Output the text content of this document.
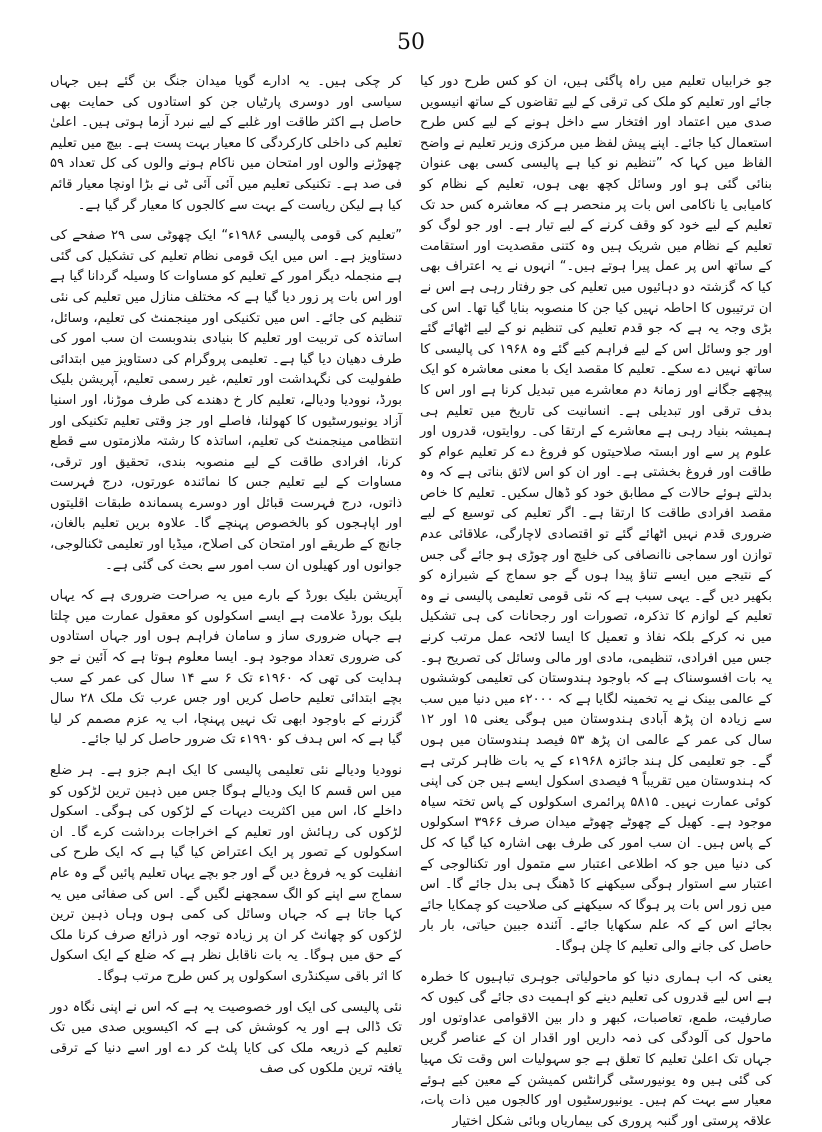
50

جو خرابیاں تعلیم میں راہ پاگئی ہیں، ان کو کس طرح دور کیا جائے اور تعلیم کو ملک کی ترقی کے لیے تقاضوں کے ساتھ انیسویں صدی میں اعتماد اور افتخار سے داخل ہونے کے لیے کس طرح استعمال کیا جائے۔ اپنے پیش لفظ میں مرکزی وزیر تعلیم نے واضح الفاظ میں کہا کہ ”تنظیم نو کیا ہے پالیسی کسی بھی عنوان بنائی گئی ہو اور وسائل کچھ بھی ہوں، تعلیم کے نظام کو کامیابی یا ناکامی اس بات پر منحصر ہے کہ معاشرہ کس حد تک تعلیم کے لیے خود کو وقف کرنے کے لیے تیار ہے۔ اور جو لوگ کو تعلیم کے نظام میں شریک ہیں وہ کتنی مقصدیت اور استقامت کے ساتھ اس پر عمل پیرا ہوتے ہیں۔“ انہوں نے یہ اعتراف بھی کیا کہ گزشتہ دو دہائیوں میں تعلیم کی جو رفتار رہی ہے اس نے ان ترتیبوں کا احاطہ نہیں کیا جن کا منصوبہ بنایا گیا تھا۔ اس کی بڑی وجہ یہ ہے کہ جو قدم تعلیم کی تنظیم نو کے لیے اٹھائے گئے اور جو وسائل اس کے لیے فراہم کیے گئے وہ ۱۹۶۸ کی پالیسی کا ساتھ نہیں دے سکے۔ تعلیم کا مقصد ایک با معنی معاشرہ کو ایک پیچھے جگانے اور زمانۂ دم معاشرے میں تبدیل کرنا ہے اور اس کا بدف ترقی اور تبدیلی ہے۔ انسانیت کی تاریخ میں تعلیم ہی ہمیشہ بنیاد رہی ہے معاشرے کے ارتقا کی۔ روایتوں، قدروں اور علوم پر سے اور ابستہ صلاحیتوں کو فروغ دے کر تعلیم عوام کو طاقت اور فروغ بخشتی ہے۔ اور ان کو اس لائق بناتی ہے کہ وہ بدلتے ہوئے حالات کے مطابق خود کو ڈھال سکیں۔ تعلیم کا خاص مقصد افرادی طاقت کا ارتقا ہے۔ اگر تعلیم کی توسیع کے لیے ضروری قدم نہیں اٹھائے گئے تو اقتصادی لاچارگی، علاقائی عدم توازن اور سماجی ناانصافی کی خلیج اور چوڑی ہو جائے گی جس کے نتیجے میں ایسے تناؤ پیدا ہوں گے جو سماج کے شیرازہ کو بکھیر دیں گے۔ یہی سبب ہے کہ نئی قومی تعلیمی پالیسی نے وہ تعلیم کے لوازم کا تذکرہ، تصورات اور رجحانات کی ہی تشکیل میں نہ کرکے بلکہ نفاذ و تعمیل کا ایسا لائحہ عمل مرتب کرنے جس میں افرادی، تنظیمی، مادی اور مالی وسائل کی تصریح ہو۔ یہ بات افسوسناک ہے کہ باوجود ہندوستان کی تعلیمی کوششوں کے عالمی بینک نے یہ تخمینہ لگایا ہے کہ ۲۰۰۰ء میں دنیا میں سب سے زیادہ ان پڑھ آبادی ہندوستان میں ہوگی یعنی ۱۵ اور ۱۲ سال کی عمر کے عالمی ان پڑھ ۵۳ فیصد ہندوستان میں ہوں گے۔ جو تعلیمی کل ہند جائزہ ۱۹۶۸ء کے یہ بات ظاہر کرتی ہے کہ ہندوستان میں تقریباً ۹ فیصدی اسکول ایسے ہیں جن کی اپنی کوئی عمارت نہیں۔ ۵۸۱۵ پرائمری اسکولوں کے پاس تختہ سیاہ موجود ہے۔ کھیل کے چھوٹے چھوٹے میدان صرف ۳۹۶۶ اسکولوں کے پاس ہیں۔ ان سب امور کی طرف بھی اشارہ کیا گیا کہ کل کی دنیا میں جو کہ اطلاعی اعتبار سے متمول اور تکنالوجی کے اعتبار سے استوار ہوگی سیکھنے کا ڈھنگ ہی بدل جائے گا۔ اس میں زور اس بات پر ہوگا کہ سیکھنے کی صلاحیت کو چمکایا جائے بجائے اس کے کہ علم سکھایا جائے۔ آئندہ جبین حیاتی، بار بار حاصل کی جانے والی تعلیم کا چلن ہوگا۔

یعنی کہ اب ہماری دنیا کو ماحولیاتی جوہری تباہیوں کا خطرہ ہے اس لیے قدروں کی تعلیم دینے کو اہمیت دی جائے گی کیوں کہ صارفیت، طمع، تعاصبات، کبھر و دار بین الاقوامی عداوتوں اور ماحول کی آلودگی کی ذمہ داریں اور اقدار ان کے عناصر گریں جہاں تک اعلیٰ تعلیم کا تعلق ہے جو سہولیات اس وقت تک مہیا کی گئی ہیں وہ یونیورسٹی گرانٹس کمیشن کے معین کیے ہوئے معیار سے بہت کم ہیں۔ یونیورسٹیوں اور کالجوں میں ذات پات، علاقہ پرستی اور گنبہ پروری کی بیماریاں وبائی شکل اختیار

کر چکی ہیں۔ یہ ادارے گویا میدان جنگ بن گئے ہیں جہاں سیاسی اور دوسری پارٹیاں جن کو استادوں کی حمایت بھی حاصل ہے اکثر طاقت اور غلبے کے لیے نبرد آزما ہوتی ہیں۔ اعلیٰ تعلیم کی داخلی کارکردگی کا معیار بہت پست ہے۔ بیچ میں تعلیم چھوڑنے والوں اور امتحان میں ناکام ہونے والوں کی کل تعداد ۵۹ فی صد ہے۔ تکنیکی تعلیم میں آئی آئی ٹی نے بڑا اونچا معیار قائم کیا ہے لیکن ریاست کے بہت سے کالجوں کا معیار گر گیا ہے۔

”تعلیم کی قومی پالیسی ۱۹۸۶ء“ ایک چھوٹی سی ۲۹ صفحے کی دستاویز ہے۔ اس میں ایک قومی نظام تعلیم کی تشکیل کی گئی ہے منجملہ دیگر امور کے تعلیم کو مساوات کا وسیلہ گردانا گیا ہے اور اس بات پر زور دیا گیا ہے کہ مختلف منازل میں تعلیم کی نئی تنظیم کی جائے۔ اس میں تکنیکی اور مینجمنٹ کی تعلیم، وسائل، اساتذہ کی تربیت اور تعلیم کا بنیادی بندوبست ان سب امور کی طرف دھیان دیا گیا ہے۔ تعلیمی پروگرام کی دستاویز میں ابتدائی طفولیت کی نگہداشت اور تعلیم، غیر رسمی تعلیم، آپریشن بلیک بورڈ، نوودیا ودیالے، تعلیم کار خ دھندے کی طرف موڑنا، اور اسنیا آزاد یونیورسٹیوں کا کھولنا، فاصلے اور جز وقتی تعلیم تکنیکی اور انتظامی مینجمنٹ کی تعلیم، اساتذہ کا رشتہ ملازمتوں سے قطع کرنا، افرادی طاقت کے لیے منصوبہ بندی، تحقیق اور ترقی، مساوات کے لیے تعلیم جس کا نمائندہ عورتوں، درج فہرست ذاتوں، درج فہرست قبائل اور دوسرے پسماندہ طبقات اقلیتوں اور اپاہجوں کو بالخصوص پہنچے گا۔ علاوہ بریں تعلیم بالغان، جانچ کے طریقے اور امتحان کی اصلاح، میڈیا اور تعلیمی ٹکنالوجی، جوانوں اور کھیلوں ان سب امور سے بحث کی گئی ہے۔

آپریشن بلیک بورڈ کے بارے میں یہ صراحت ضروری ہے کہ یہاں بلیک بورڈ علامت ہے ایسے اسکولوں کو معقول عمارت میں چلتا ہے جہاں ضروری ساز و سامان فراہم ہوں اور جہاں استادوں کی ضروری تعداد موجود ہو۔ ایسا معلوم ہوتا ہے کہ آئین نے جو ہدایت کی تھی کہ ۱۹۶۰ء تک ۶ سے ۱۴ سال کی عمر کے سب بچے ابتدائی تعلیم حاصل کریں اور جس عرب تک ملک ۲۸ سال گزرنے کے باوجود ابھی تک نہیں پہنچا، اب یہ عزم مصمم کر لیا گیا ہے کہ اس ہدف کو ۱۹۹۰ء تک ضرور حاصل کر لیا جائے۔

نوودیا ودیالے نئی تعلیمی پالیسی کا ایک اہم جزو ہے۔ ہر ضلع میں اس قسم کا ایک ودیالے ہوگا جس میں ذہین ترین لڑکوں کو داخلے کا، اس میں اکثریت دیہات کے لڑکوں کی ہوگی۔ اسکول لڑکوں کی رہائش اور تعلیم کے اخراجات برداشت کرے گا۔ ان اسکولوں کے تصور پر ایک اعتراض کیا گیا ہے کہ ایک طرح کی انفلیت کو یہ فروغ دیں گے اور جو بچے یہاں تعلیم پائیں گے وہ عام سماج سے اپنے کو الگ سمجھنے لگیں گے۔ اس کی صفائی میں یہ کہا جاتا ہے کہ جہاں وسائل کی کمی ہوں وہاں ذہین ترین لڑکوں کو چھانٹ کر ان پر زیادہ توجہ اور ذرائع صرف کرنا ملک کے حق میں ہوگا۔ یہ بات ناقابل نظر ہے کہ ضلع کے ایک اسکول کا اثر باقی سیکنڈری اسکولوں پر کس طرح مرتب ہوگا۔

نئی پالیسی کی ایک اور خصوصیت یہ ہے کہ اس نے اپنی نگاہ دور تک ڈالی ہے اور یہ کوشش کی ہے کہ اکیسویں صدی میں تک تعلیم کے ذریعہ ملک کی کایا پلٹ کر دے اور اسے دنیا کے ترقی یافتہ ترین ملکوں کی صف
